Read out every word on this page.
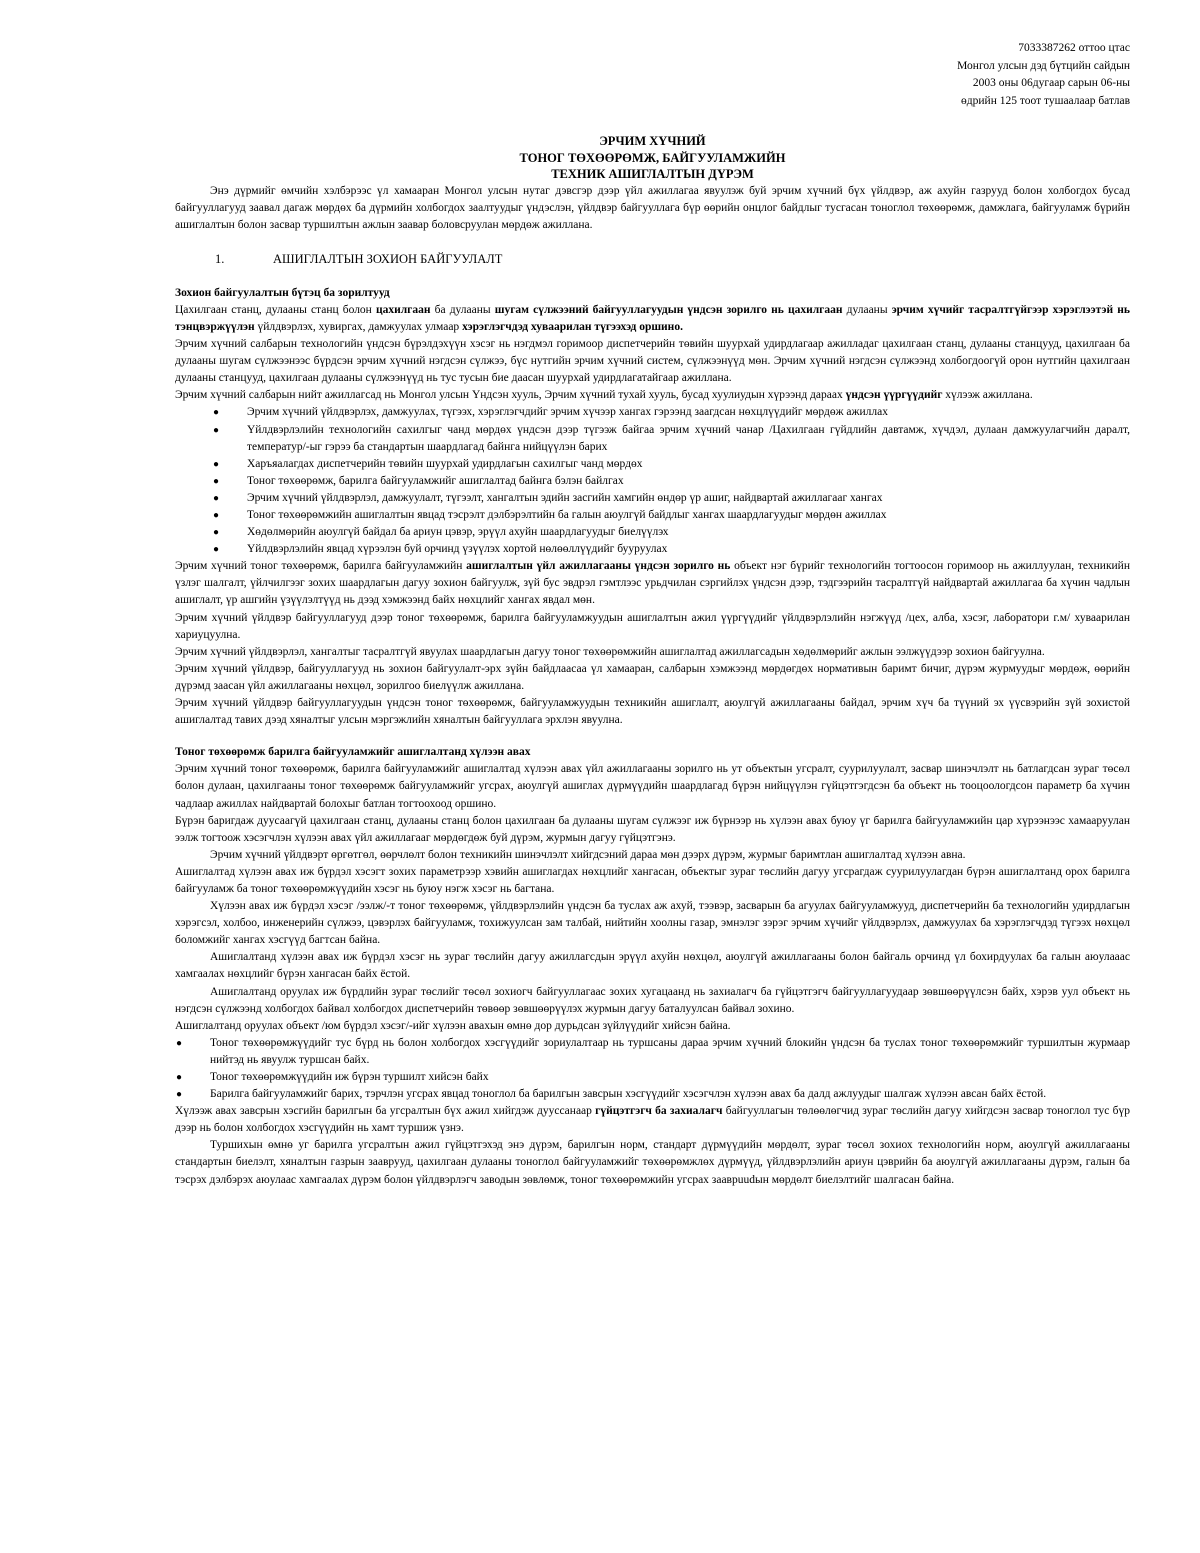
7033387262 оттоо цтас
Монгол улсын дэд бүтцийн сайдын
2003 оны 06дугаар сарын 06-ны
өдрийн 125 тоот тушаалаар батлав
ЭРЧИМ ХҮЧНИЙ
ТОНОГ ТӨХӨӨРӨМЖ, БАЙГУУЛАМЖИЙН
ТЕХНИК АШИГЛАЛТЫН ДҮРЭМ

Энэ дүрмийг өмчийн хэлбэрээс үл хамааран Монгол улсын нутаг дэвсгэр дээр үйл ажиллагаа явуулэж буй эрчим хүчний бүх үйлдвэр, аж ахуйн газрууд болон холбогдох бусад байгууллагууд заавал дагаж мөрдөх ба дүрмийн холбогдох заалтуудыг үндэслэн, үйлдвэр байгууллага бүр өөрийн онцлог байдлыг тусгасан тоноглол төхөөрөмж, дамжлага, байгууламж бүрийн ашиглалтын болон засвар туршилтын ажлын заавар боловсруулан мөрдөж ажиллана.

1.	АШИГЛАЛТЫН ЗОХИОН БАЙГУУЛАЛТ
Зохион байгуулалтын бүтэц ба зорилтууд

Цахилгаан станц, дулааны станц болон цахилгаан ба дулааны шугам сүлжээний байгууллагуудын үндсэн зорилго нь цахилгаан дулааны эрчим хүчийг тасралтгүйгээр хэрэглээтэй нь тэнцвэржүүлэн үйлдвэрлэх, хувиргах, дамжуулах улмаар хэрэглэгчдэд хуваарилан түгээхэд оршино.

Эрчим хүчний салбарын технологийн үндсэн бүрэлдэхүүн хэсэг нь нэгдмэл горимоор диспетчерийн төвийн шуурхай удирдлагаар ажилладаг цахилгаан станц, дулааны станцууд, цахилгаан ба дулааны шугам сүлжээнээс бүрдсэн эрчим хүчний нэгдсэн сүлжээ, бүс нутгийн эрчим хүчний систем, сүлжээнүүд мөн. Эрчим хүчний нэгдсэн сүлжээнд холбогдоогүй орон нутгийн цахилгаан дулааны станцууд, цахилгаан дулааны сүлжээнүүд нь тус тусын бие даасан шуурхай удирдлагатайгаар ажиллана.

Эрчим хүчний салбарын нийт ажиллагсад нь Монгол улсын Үндсэн хууль, Эрчим хүчний тухай хууль, бусад хуулиудын хүрээнд дараах үндсэн үүргүүдийг хүлээж ажиллана.

● Эрчим хүчний үйлдвэрлэх, дамжуулах, түгээх, хэрэглэгчдийг эрчим хүчээр хангах гэрээнд заагдсан нөхцлүүдийг мөрдөж ажиллах
● Үйлдвэрлэлийн технологийн сахилгыг чанд мөрдөх үндсэн дээр түгээж байгаа эрчим хүчний чанар /Цахилгаан гүйдлийн давтамж, хүчдэл, дулаан дамжуулагчийн даралт, температур/-ыг гэрээ ба стандартын шаардлагад байнга нийцүүлэн барих
● Харъяалагдах диспетчерийн төвийн шуурхай удирдлагын сахилгыг чанд мөрдөх
● Тоног төхөөрөмж, барилга байгууламжийг ашиглалтад байнга бэлэн байлгах
● Эрчим хүчний үйлдвэрлэл, дамжуулалт, түгээлт, хангалтын эдийн засгийн хамгийн өндөр үр ашиг, найдвартай ажиллагааг хангах
● Тоног төхөөрөмжийн ашиглалтын явцад тэсрэлт дэлбэрэлтийн ба галын аюулгүй байдлыг хангах шаардлагуудыг мөрдөн ажиллах
● Хөдөлмөрийн аюулгүй байдал ба ариун цэвэр, эрүүл ахуйн шаардлагуудыг биелүүлэх
● Үйлдвэрлэлийн явцад хүрээлэн буй орчинд үзүүлэх хортой нөлөөллүүдийг бууруулах

Эрчим хүчний тоног төхөөрөмж, барилга байгууламжийн ашиглалтын үйл ажиллагааны үндсэн зорилго нь объект нэг бүрийг технологийн тогтоосон горимоор нь ажиллуулан, техникийн үзлэг шалгалт, үйлчилгээг зохих шаардлагын дагуу зохион байгуулж, зүй бус эвдрэл гэмтлээс урьдчилан сэргийлэх үндсэн дээр, тэдгээрийн тасралтгүй найдвартай ажиллагаа ба хүчин чадлын ашиглалт, үр ашгийн үзүүлэлтүүд нь дээд хэмжээнд байх нөхцлийг хангах явдал мөн.

Эрчим хүчний үйлдвэр байгууллагууд дээр тоног төхөөрөмж, барилга байгууламжуудын ашиглалтын ажил үүргүүдийг үйлдвэрлэлийн нэгжүүд /цех, алба, хэсэг, лаборатори г.м/ хуваарилан хариуцуулна.

Эрчим хүчний үйлдвэрлэл, хангалтыг тасралтгүй явуулах шаардлагын дагуу тоног төхөөрөмжийн ашиглалтад ажиллагсадын хөдөлмөрийг ажлын ээлжүүдээр зохион байгуулна.

Эрчим хүчний үйлдвэр, байгууллагууд нь зохион байгуулалт-эрх зүйн байдлаасаа үл хамааран, салбарын хэмжээнд мөрдөгдөх нормативын баримт бичиг, дүрэм журмуудыг мөрдөж, өөрийн дүрэмд заасан үйл ажиллагааны нөхцөл, зорилгоо биелүүлж ажиллана.

Эрчим хүчний үйлдвэр байгууллагуудын үндсэн тоног төхөөрөмж, байгууламжуудын техникийн ашиглалт, аюулгүй ажиллагааны байдал, эрчим хүч ба түүний эх үүсвэрийн зүй зохистой ашиглалтад тавих дээд хяналтыг улсын мэргэжлийн хяналтын байгууллага эрхлэн явуулна.

Тоног төхөөрөмж барилга байгууламжийг ашиглалтанд хүлээн авах

Эрчим хүчний тоног төхөөрөмж, барилга байгууламжийг ашиглалтад хүлээн авах үйл ажиллагааны зорилго нь ут объектын угсралт, суурилуулалт, засвар шинэчлэлт нь батлагдсан зураг төсөл болон дулаан, цахилгааны тоног төхөөрөмж байгууламжийг угсрах, аюулгүй ашиглах дүрмүүдийн шаардлагад бүрэн нийцүүлэн гүйцэтгэгдсэн ба объект нь тооцоологдсон параметр ба хүчин чадлаар ажиллах найдвартай болохыг батлан тогтоохоод оршино.

Бүрэн баригдаж дуусаагүй цахилгаан станц, дулааны станц болон цахилгаан ба дулааны шугам сүлжээг иж бүрнээр нь хүлээн авах буюу үг барилга байгууламжийн цар хүрээнээс хамааруулан ээлж тогтоож хэсэгчлэн хүлээн авах үйл ажиллагааг мөрдөгдөж буй дүрэм, журмын дагуу гүйцэтгэнэ.

Эрчим хүчний үйлдвэрт өргөтгөл, өөрчлөлт болон техникийн шинэчлэлт хийгдсэний дараа мөн дээрх дүрэм, журмыг баримтлан ашиглалтад хүлээн авна.

Ашиглалтад хүлээн авах иж бүрдэл хэсэгт зохих параметрээр хэвийн ашиглагдах нөхцлийг хангасан, объектыг зураг төслийн дагуу угсрагдаж суурилуулагдан бүрэн ашиглалтанд орох барилга байгууламж ба тоног төхөөрөмжүүдийн хэсэг нь буюу нэгж хэсэг нь багтана.

Хүлээн авах иж бүрдэл хэсэг /ээлж/-т тоног төхөөрөмж, үйлдвэрлэлийн үндсэн ба туслах аж ахуй, тээвэр, засварын ба агуулах байгууламжууд, диспетчерийн ба технологийн удирдлагын хэрэгсэл, холбоо, инженерийн сүлжээ, цэвэрлэх байгууламж, тохижуулсан зам талбай, нийтийн хоолны газар, эмнэлэг зэрэг эрчим хүчийг үйлдвэрлэх, дамжуулах ба хэрэглэгчдэд түгээх нөхцөл боломжийг хангах хэсгүүд багтсан байна.

Ашиглалтанд хүлээн авах иж бүрдэл хэсэг нь зураг төслийн дагуу ажиллагсдын эрүүл ахуйн нөхцөл, аюулгүй ажиллагааны болон байгаль орчинд үл бохирдуулах ба галын аюулааас хамгаалах нөхцлийг бүрэн хангасан байх ёстой.

Ашиглалтанд оруулах иж бүрдлийн зураг төслийг төсөл зохиогч байгууллагаас зохих хугацаанд нь захиалагч ба гүйцэтгэгч байгууллагуудаар зөвшөөрүүлсэн байх, хэрэв уул объект нь нэгдсэн сүлжээнд холбогдох байвал холбогдох диспетчерийн төвөөр зөвшөөрүүлэх журмын дагуу баталуулсан байвал зохино.

Ашиглалтанд оруулах объект /юм бүрдэл хэсэг/-ийг хүлээн авахын өмнө дор дурьдсан зүйлүүдийг хийсэн байна.

● Тоног төхөөрөмжүүдийг тус бүрд нь болон холбогдох хэсгүүдийг зориулалтаар нь туршсаны дараа эрчим хүчний блокийн үндсэн ба туслах тоног төхөөрөмжийг туршилтын журмаар нийтэд нь явуулж туршсан байх.
● Тоног төхөөрөмжүүдийн иж бүрэн туршилт хийсэн байх
● Барилга байгууламжийг барих, тэрчлэн угсрах явцад тоноглол ба барилгын завсрын хэсгүүдийг хэсэгчлэн хүлээн авах ба далд ажлуудыг шалгаж хүлээн авсан байх ёстой.

Хүлээж авах завсрын хэсгийн барилгын ба угсралтын бүх ажил хийгдэж дууссанаар гүйцэтгэгч ба захиалагч байгууллагын төлөөлөгчид зураг төслийн дагуу хийгдсэн засвар тоноглол тус бүр дээр нь болон холбогдох хэсгүүдийн нь хамт туршиж үзнэ.

Туршихын өмнө уг барилга угсралтын ажил гүйцэтгэхэд энэ дүрэм, барилгын норм, стандарт дүрмүүдийн мөрдөлт, зураг төсөл зохиох технологийн норм, аюулгүй ажиллагааны стандартын биелэлт, хяналтын газрын зааврууд, цахилгаан дулааны тоноглол байгууламжийг төхөөрөмжлөх дүрмүүд, үйлдвэрлэлийн ариун цэврийн ба аюулгүй ажиллагааны дүрэм, галын ба тэсрэх дэлбэрэх аюулаас хамгаалах дүрэм болон үйлдвэрлэгч заводын зөвлөмж, тоног төхөөрөмжийн угсрах зааврuudын мөрдөлт биелэлтийг шалгасан байна.
